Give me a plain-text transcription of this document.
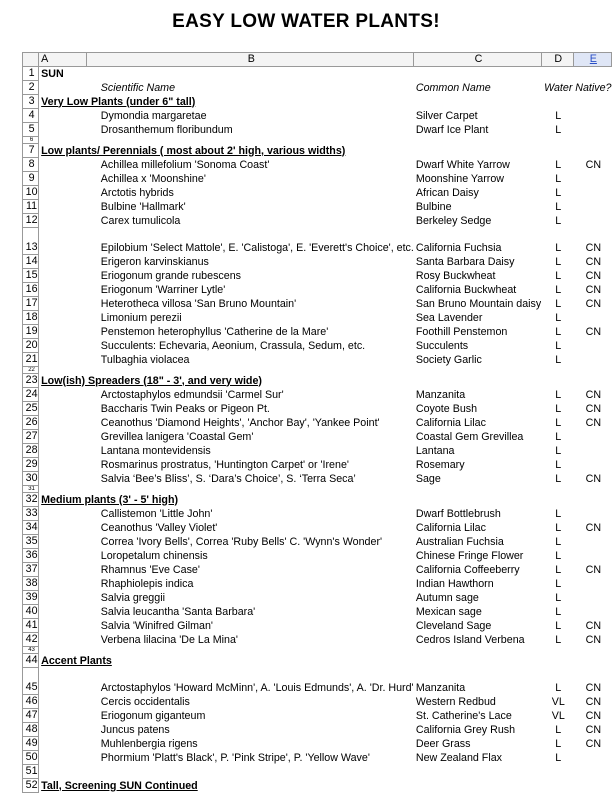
EASY LOW WATER PLANTS!
	A	B	C	D	E
1	SUN				
2		Scientific Name	Common Name	Water	Native?
3	Very Low Plants (under 6" tall)				
4		Dymondia margaretae	Silver Carpet	L	
5		Drosanthemum floribundum	Dwarf Ice Plant	L	
6					
7	Low plants/ Perennials ( most about 2' high, various widths)				
8		Achillea millefolium 'Sonoma Coast'	Dwarf White Yarrow	L	CN
9		Achillea x 'Moonshine'	Moonshine Yarrow	L	
10		Arctotis hybrids	African Daisy	L	
11		Bulbine 'Hallmark'	Bulbine	L	
12		Carex tumulicola	Berkeley Sedge	L	
13		Epilobium 'Select Mattole', E. 'Calistoga', E. 'Everett's Choice', etc.	California Fuchsia	L	CN
14		Erigeron karvinskianus	Santa Barbara Daisy	L	CN
15		Eriogonum grande rubescens	Rosy Buckwheat	L	CN
16		Eriogonum 'Warriner Lytle'	California Buckwheat	L	CN
17		Heterotheca villosa 'San Bruno Mountain'	San Bruno Mountain daisy	L	CN
18		Limonium perezii	Sea Lavender	L	
19		Penstemon heterophyllus 'Catherine de la Mare'	Foothill Penstemon	L	CN
20		Succulents: Echevaria, Aeonium, Crassula, Sedum, etc.	Succulents	L	
21		Tulbaghia violacea	Society Garlic	L	
22					
23	Low(ish) Spreaders (18" - 3', and very wide)				
24		Arctostaphylos edmundsii 'Carmel Sur'	Manzanita	L	CN
25		Baccharis Twin Peaks or Pigeon Pt.	Coyote Bush	L	CN
26		Ceanothus 'Diamond Heights', 'Anchor Bay', 'Yankee Point'	California Lilac	L	CN
27		Grevillea lanigera 'Coastal Gem'	Coastal Gem Grevillea	L	
28		Lantana montevidensis	Lantana	L	
29		Rosmarinus prostratus, 'Huntington Carpet' or 'Irene'	Rosemary	L	
30		Salvia ‘Bee’s Bliss’, S. ‘Dara’s Choice’, S. ‘Terra Seca’	Sage	L	CN
31					
32	Medium plants (3' - 5' high)				
33		Callistemon 'Little John'	Dwarf Bottlebrush	L	
34		Ceanothus 'Valley Violet'	California Lilac	L	CN
35		Correa 'Ivory Bells', Correa 'Ruby Bells' C. 'Wynn's Wonder'	Australian Fuchsia	L	
36		Loropetalum chinensis	Chinese Fringe Flower	L	
37		Rhamnus 'Eve Case'	California Coffeeberry	L	CN
38		Rhaphiolepis indica	Indian Hawthorn	L	
39		Salvia greggii	Autumn sage	L	
40		Salvia leucantha 'Santa Barbara'	Mexican sage	L	
41		Salvia 'Winifred Gilman'	Cleveland Sage	L	CN
42		Verbena lilacina 'De La Mina'	Cedros Island Verbena	L	CN
43					
44	Accent Plants				
45		Arctostaphylos 'Howard McMinn', A. 'Louis Edmunds', A. 'Dr. Hurd'	Manzanita	L	CN
46		Cercis occidentalis	Western Redbud	VL	CN
47		Eriogonum giganteum	St. Catherine's Lace	VL	CN
48		Juncus patens	California Grey Rush	L	CN
49		Muhlenbergia rigens	Deer Grass	L	CN
50		Phormium 'Platt's Black', P. 'Pink Stripe', P. 'Yellow Wave'	New Zealand Flax	L	
51					
52	Tall, Screening SUN Continued				
